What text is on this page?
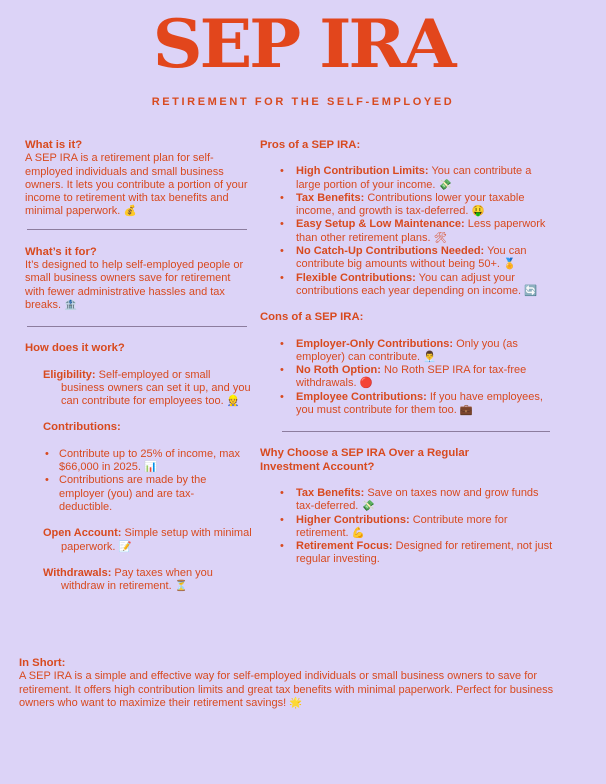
SEP IRA
RETIREMENT FOR THE SELF-EMPLOYED
What is it?

A SEP IRA is a retirement plan for self-employed individuals and small business owners. It lets you contribute a portion of your income to retirement with tax benefits and minimal paperwork. 💰

What’s it for?

It’s designed to help self-employed people or small business owners save for retirement with fewer administrative hassles and tax breaks. 🏦

How does it work?

Eligibility: Self-employed or small business owners can set it up, and you can contribute for employees too. 👷

Contributions:
• Contribute up to 25% of income, max $66,000 in 2025. 📊
• Contributions are made by the employer (you) and are tax-deductible.

Open Account: Simple setup with minimal paperwork. 📝

Withdrawals: Pay taxes when you withdraw in retirement. ⏳

Pros of a SEP IRA:
• High Contribution Limits: You can contribute a large portion of your income. 💸
• Tax Benefits: Contributions lower your taxable income, and growth is tax-deferred. 🤑
• Easy Setup & Low Maintenance: Less paperwork than other retirement plans. 🛠
• No Catch-Up Contributions Needed: You can contribute big amounts without being 50+. 🏅
• Flexible Contributions: You can adjust your contributions each year depending on income. 🔄
Cons of a SEP IRA:
• Employer-Only Contributions: Only you (as employer) can contribute. 👨‍💼
• No Roth Option: No Roth SEP IRA for tax-free withdrawals. 🔴
• Employee Contributions: If you have employees, you must contribute for them too. 💼
Why Choose a SEP IRA Over a Regular Investment Account?
• Tax Benefits: Save on taxes now and grow funds tax-deferred. 💸
• Higher Contributions: Contribute more for retirement. 💪
• Retirement Focus: Designed for retirement, not just regular investing.
In Short:

A SEP IRA is a simple and effective way for self-employed individuals or small business owners to save for retirement. It offers high contribution limits and great tax benefits with minimal paperwork. Perfect for business owners who want to maximize their retirement savings! 🌟
